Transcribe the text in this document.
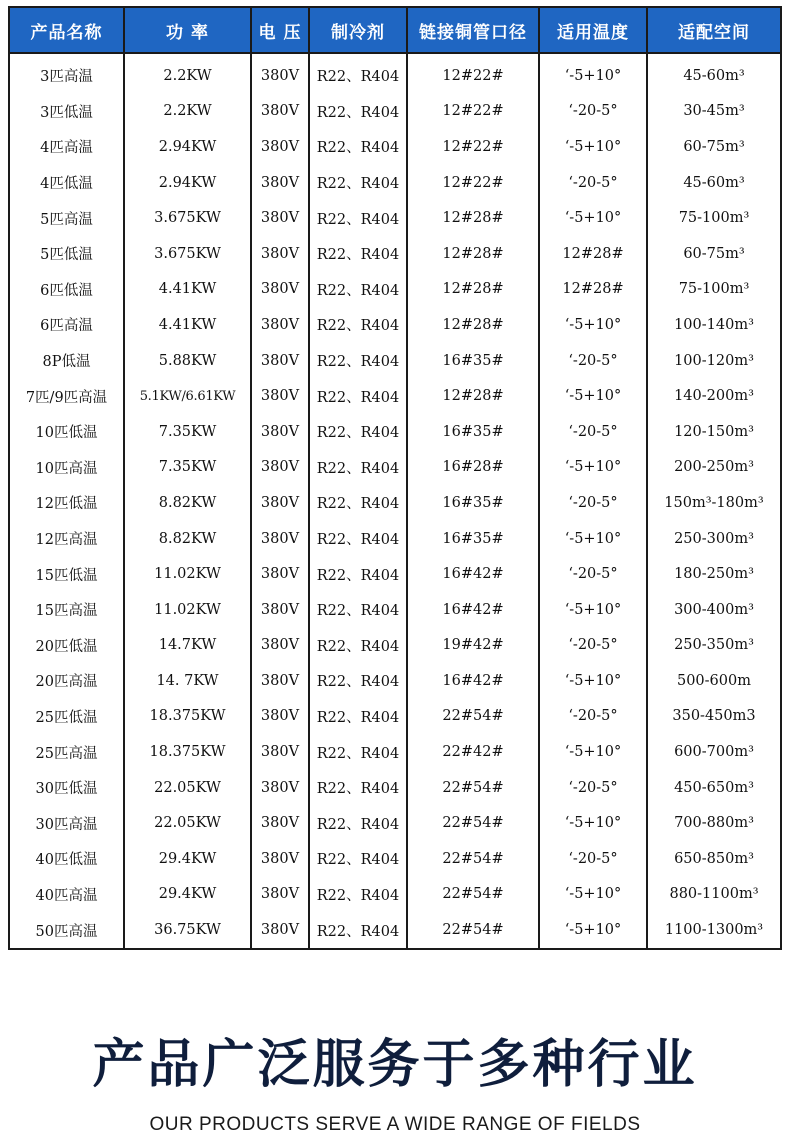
产品名称	功 率	电 压	制冷剂	链接铜管口径	适用温度	适配空间
3匹高温	2.2KW	380V	R22、R404	12#22#	‘-5+10°	45-60m³
3匹低温	2.2KW	380V	R22、R404	12#22#	‘-20-5°	30-45m³
4匹高温	2.94KW	380V	R22、R404	12#22#	‘-5+10°	60-75m³
4匹低温	2.94KW	380V	R22、R404	12#22#	‘-20-5°	45-60m³
5匹高温	3.675KW	380V	R22、R404	12#28#	‘-5+10°	75-100m³
5匹低温	3.675KW	380V	R22、R404	12#28#	12#28#	60-75m³
6匹低温	4.41KW	380V	R22、R404	12#28#	12#28#	75-100m³
6匹高温	4.41KW	380V	R22、R404	12#28#	‘-5+10°	100-140m³
8P低温	5.88KW	380V	R22、R404	16#35#	‘-20-5°	100-120m³
7匹/9匹高温	5.1KW/6.61KW	380V	R22、R404	12#28#	‘-5+10°	140-200m³
10匹低温	7.35KW	380V	R22、R404	16#35#	‘-20-5°	120-150m³
10匹高温	7.35KW	380V	R22、R404	16#28#	‘-5+10°	200-250m³
12匹低温	8.82KW	380V	R22、R404	16#35#	‘-20-5°	150m³-180m³
12匹高温	8.82KW	380V	R22、R404	16#35#	‘-5+10°	250-300m³
15匹低温	11.02KW	380V	R22、R404	16#42#	‘-20-5°	180-250m³
15匹高温	11.02KW	380V	R22、R404	16#42#	‘-5+10°	300-400m³
20匹低温	14.7KW	380V	R22、R404	19#42#	‘-20-5°	250-350m³
20匹高温	14. 7KW	380V	R22、R404	16#42#	‘-5+10°	500-600m
25匹低温	18.375KW	380V	R22、R404	22#54#	‘-20-5°	350-450m3
25匹高温	18.375KW	380V	R22、R404	22#42#	‘-5+10°	600-700m³
30匹低温	22.05KW	380V	R22、R404	22#54#	‘-20-5°	450-650m³
30匹高温	22.05KW	380V	R22、R404	22#54#	‘-5+10°	700-880m³
40匹低温	29.4KW	380V	R22、R404	22#54#	‘-20-5°	650-850m³
40匹高温	29.4KW	380V	R22、R404	22#54#	‘-5+10°	880-1100m³
50匹高温	36.75KW	380V	R22、R404	22#54#	‘-5+10°	1100-1300m³
产品广泛服务于多种行业
OUR PRODUCTS SERVE A WIDE RANGE OF FIELDS
